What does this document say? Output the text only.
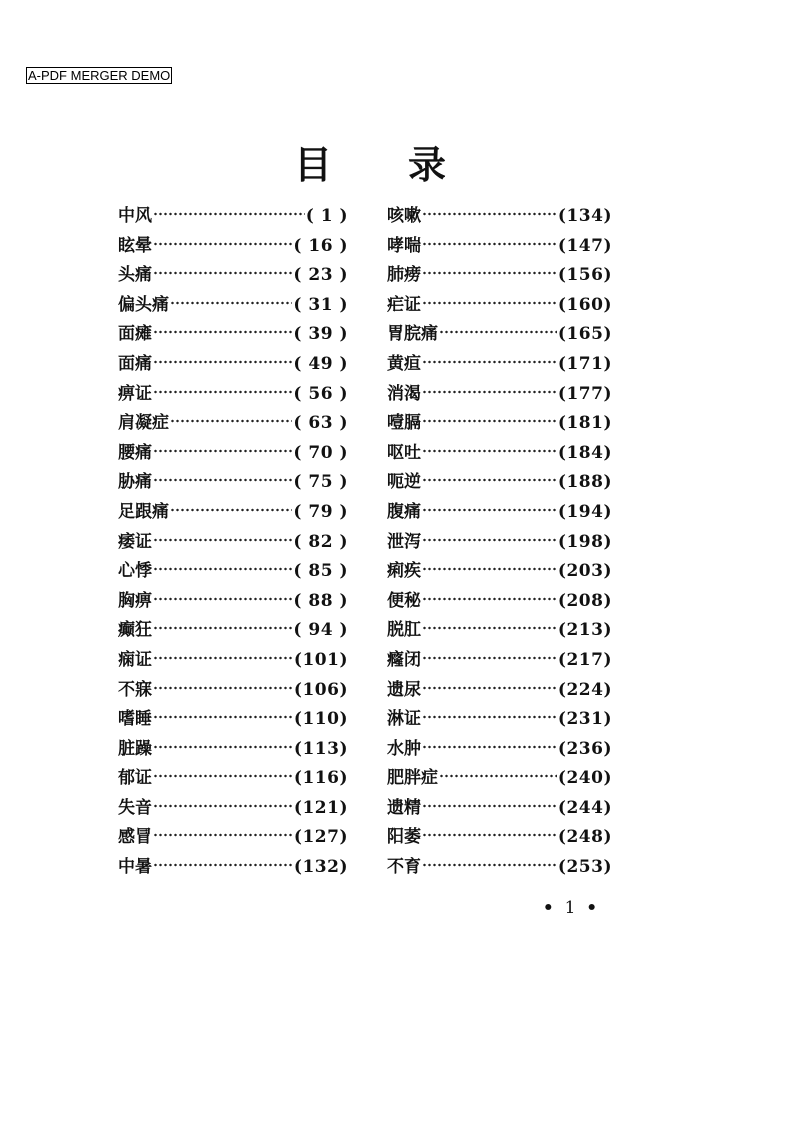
A-PDF MERGER DEMO
目 录
中风	( 1 )
眩晕	( 16 )
头痛	( 23 )
偏头痛	( 31 )
面瘫	( 39 )
面痛	( 49 )
痹证	( 56 )
肩凝症	( 63 )
腰痛	( 70 )
胁痛	( 75 )
足跟痛	( 79 )
痿证	( 82 )
心悸	( 85 )
胸痹	( 88 )
癫狂	( 94 )
痫证	(101)
不寐	(106)
嗜睡	(110)
脏躁	(113)
郁证	(116)
失音	(121)
感冒	(127)
中暑	(132)
咳嗽	(134)
哮喘	(147)
肺痨	(156)
疟证	(160)
胃脘痛	(165)
黄疸	(171)
消渴	(177)
噎膈	(181)
呕吐	(184)
呃逆	(188)
腹痛	(194)
泄泻	(198)
痢疾	(203)
便秘	(208)
脱肛	(213)
癃闭	(217)
遗尿	(224)
淋证	(231)
水肿	(236)
肥胖症	(240)
遗精	(244)
阳萎	(248)
不育	(253)
• 1 •
